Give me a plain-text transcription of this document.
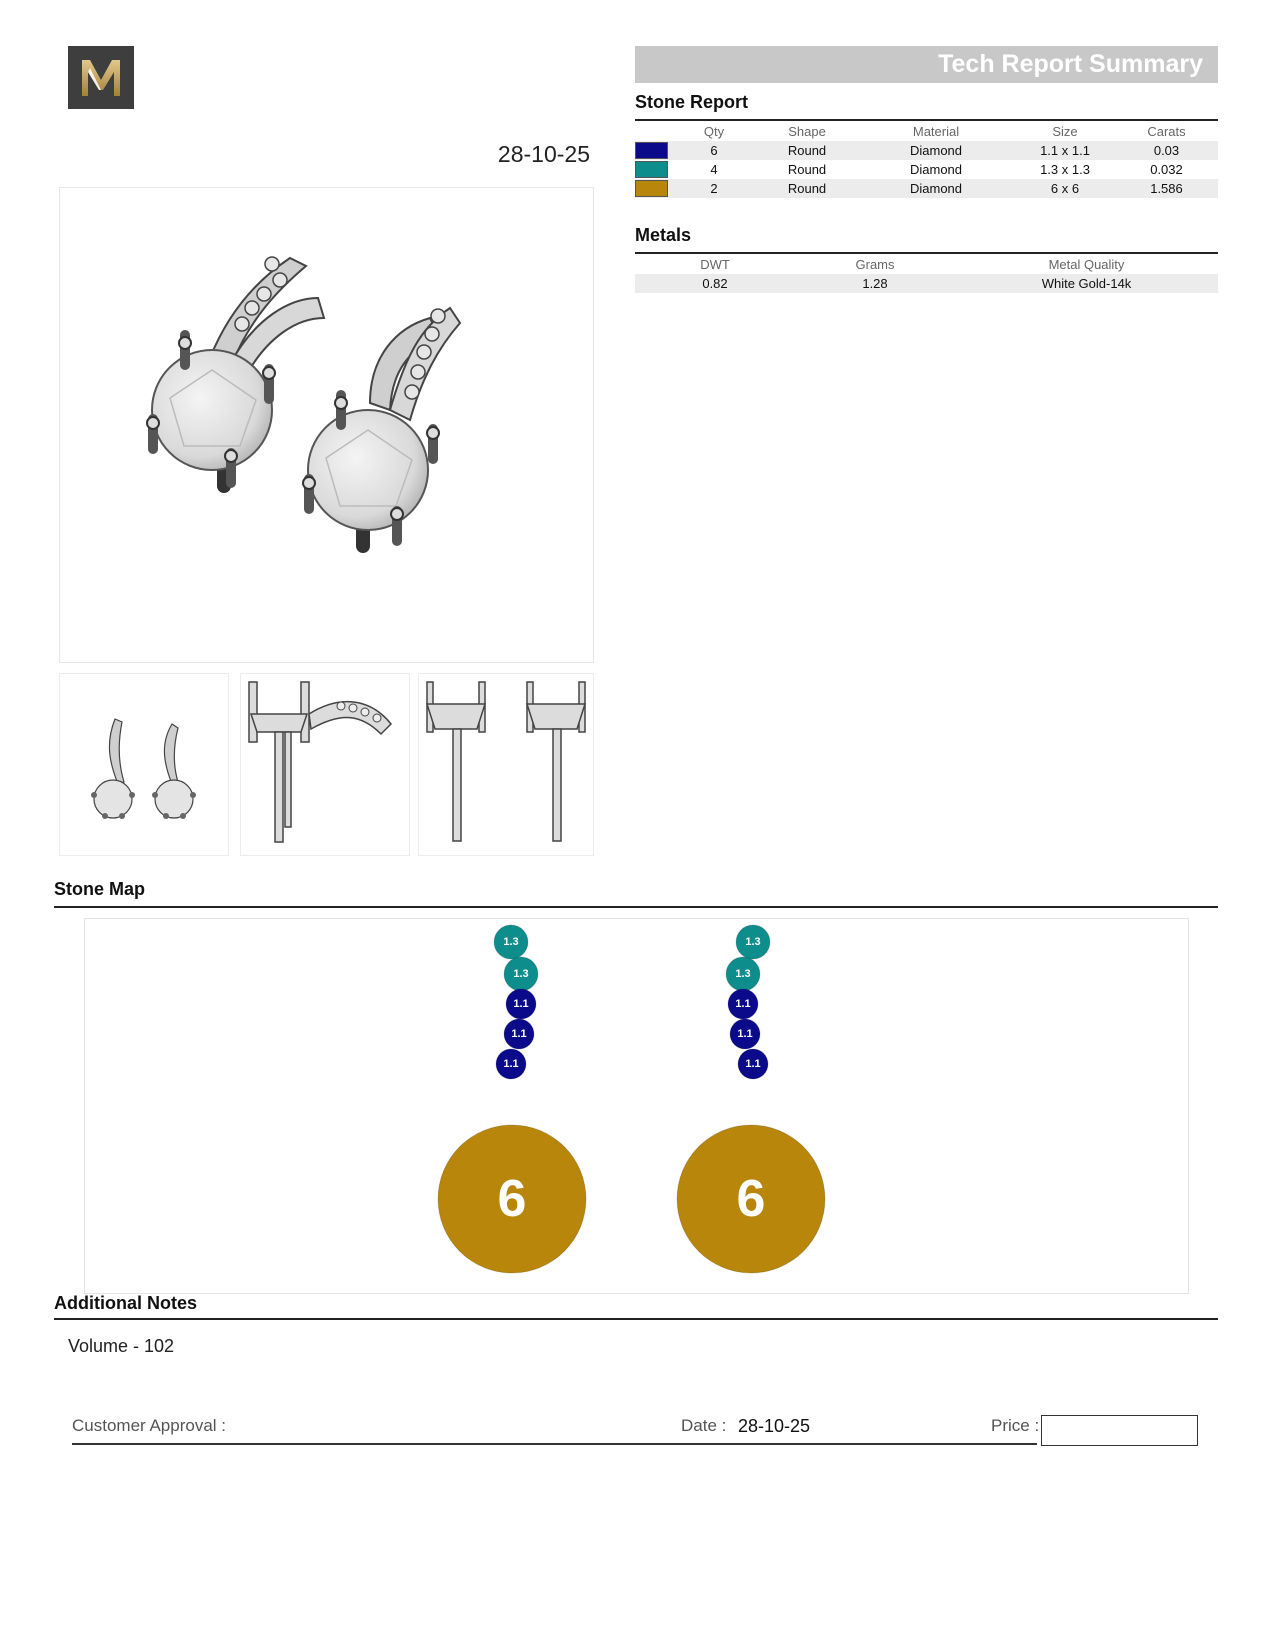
28-10-25
Tech Report Summary
Stone Report
	Qty	Shape	Material	Size	Carats
	6	Round	Diamond	1.1 x 1.1	0.03
	4	Round	Diamond	1.3 x 1.3	0.032
	2	Round	Diamond	6 x 6	1.586
Metals
DWT	Grams	Metal Quality
0.82	1.28	White Gold-14k
Stone Map
1.3
1.3
1.1
1.1
1.1
1.3
1.3
1.1
1.1
1.1
6	6
Additional Notes
Volume - 102
Customer Approval :	Date : 28-10-25	Price :
